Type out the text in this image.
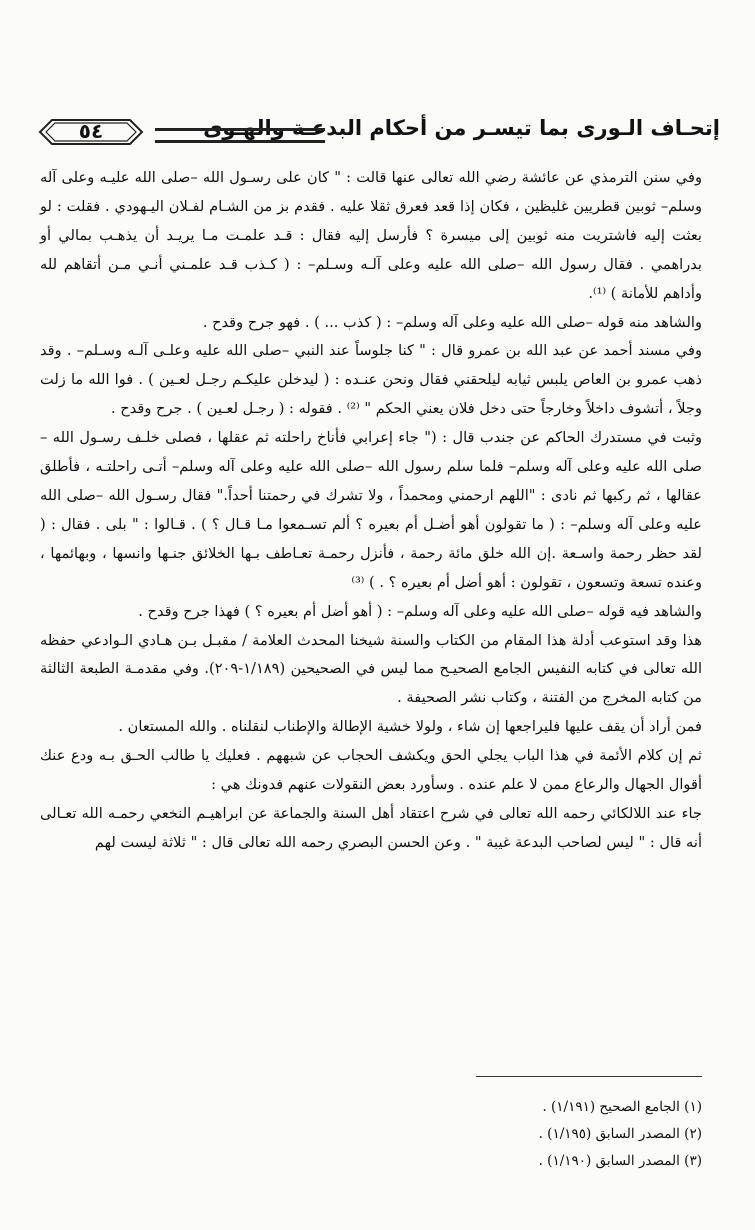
إتحـاف الـورى بما تيسـر من أحكام البدعـة والهـوى
٥٤

وفي سنن الترمذي عن عائشة رضي الله تعالى عنها قالت : " كان على رسـول الله –صلى الله عليـه وعلى آله وسلم– ثوبين قطريين غليظين ، فكان إذا قعد فعرق ثقلا عليه . فقدم بز من الشـام لفـلان اليـهودي . فقلت : لو بعثت إليه فاشتريت منه ثوبين إلى ميسرة ؟ فأرسل إليه فقال : قـد علمـت مـا يريـد أن يذهـب بمالي أو بدراهمي . فقال رسول الله –صلى الله عليه وعلى آلـه وسـلم– : ( كـذب قـد علمـني أنـي مـن أتقاهم لله وأداهم للأمانة ) ⁽¹⁾.

والشاهد منه قوله –صلى الله عليه وعلى آله وسلم– : ( كذب ... ) . فهو جرح وقدح .

وفي مسند أحمد عن عبد الله بن عمرو قال : " كنا جلوساً عند النبي –صلى الله عليه وعلـى آلـه وسـلم– . وقد ذهب عمرو بن العاص يلبس ثيابه ليلحقني فقال ونحن عنـده : ( ليدخلن عليكـم رجـل لعـين ) . فوا الله ما زلت وجلاً ، أتشوف داخلاً وخارجاً حتى دخل فلان يعني الحكم " ⁽²⁾ . فقوله : ( رجـل لعـين ) . جرح وقدح .

وثبت في مستدرك الحاكم عن جندب قال : (" جاء إعرابي فأناخ راحلته ثم عقلها ، فصلى خلـف رسـول الله –صلى الله عليه وعلى آله وسلم– فلما سلم رسول الله –صلى الله عليه وعلى آله وسلم– أتـى راحلتـه ، فأطلق عقالها ، ثم ركبها ثم نادى : "اللهم ارحمني ومحمداً ، ولا تشرك في رحمتنا أحداً." فقال رسـول الله –صلى الله عليه وعلى آله وسلم– : ( ما تقولون أهو أضـل أم بعيره ؟ ألم تسـمعوا مـا قـال ؟ ) . قـالوا : " بلى . فقال : ( لقد حظر رحمة واسـعة .إن الله خلق مائة رحمة ، فأنزل رحمـة تعـاطف بـها الخلائق جنـها وانسها ، وبهائمها ، وعنده تسعة وتسعون ، تقولون : أهو أضل أم بعيره ؟ . ) ⁽³⁾

والشاهد فيه قوله –صلى الله عليه وعلى آله وسلم– : ( أهو أضل أم بعيره ؟ ) فهذا جرح وقدح .

هذا وقد استوعب أدلة هذا المقام من الكتاب والسنة شيخنا المحدث العلامة / مقبـل بـن هـادي الـوادعي حفظه الله تعالى في كتابه النفيس الجامع الصحيـح مما ليس في الصحيحين (١/١٨٩-٢٠٩). وفي مقدمـة الطبعة الثالثة من كتابه المخرج من الفتنة ، وكتاب نشر الصحيفة .

فمن أراد أن يقف عليها فليراجعها إن شاء ، ولولا خشية الإطالة والإطناب لنقلناه . والله المستعان .

ثم إن كلام الأئمة في هذا الباب يجلي الحق ويكشف الحجاب عن شبههم . فعليك يا طالب الحـق بـه ودع عنك أقوال الجهال والرعاع ممن لا علم عنده . وسأورد بعض النقولات عنهم فدونك هي :

جاء عند اللالكائي رحمه الله تعالى في شرح اعتقاد أهل السنة والجماعة عن ابراهيـم النخعي رحمـه الله تعـالى أنه قال : " ليس لصاحب البدعة غيبة " . وعن الحسن البصري رحمه الله تعالى قال : " ثلاثة ليست لهم

(١) الجامع الصحيح (١/١٩١) .

(٢) المصدر السابق (١/١٩٥) .

(٣) المصدر السابق (١/١٩٠) .
